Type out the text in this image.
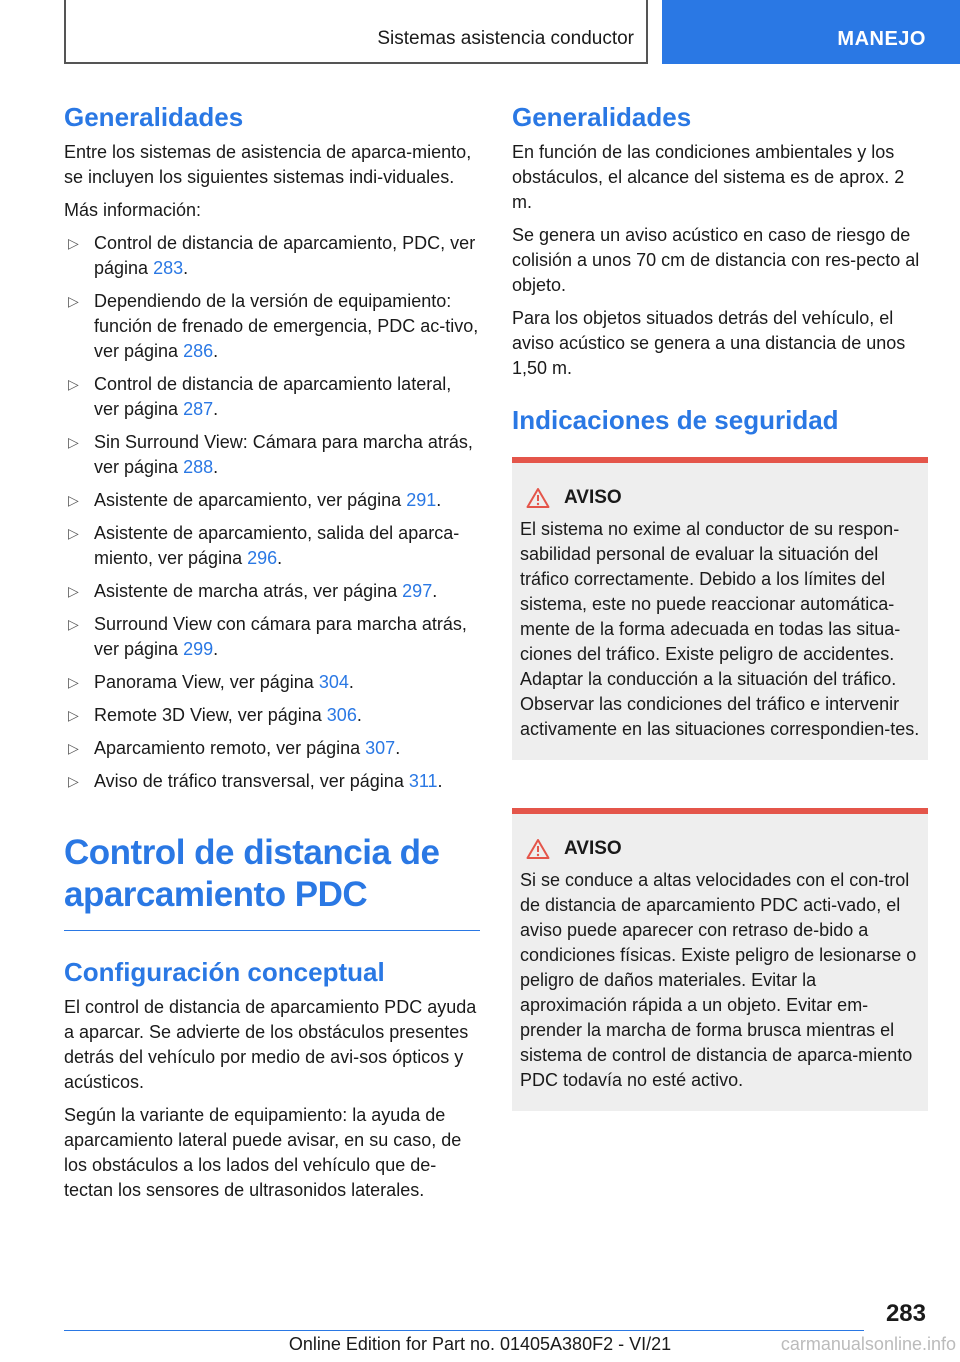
Sistemas asistencia conductor	MANEJO
Generalidades

Entre los sistemas de asistencia de aparca-miento, se incluyen los siguientes sistemas indi-viduales.

Más información:

▷ Control de distancia de aparcamiento, PDC, ver página 283.
▷ Dependiendo de la versión de equipamiento: función de frenado de emergencia, PDC ac-tivo, ver página 286.
▷ Control de distancia de aparcamiento lateral, ver página 287.
▷ Sin Surround View: Cámara para marcha atrás, ver página 288.
▷ Asistente de aparcamiento, ver página 291.
▷ Asistente de aparcamiento, salida del aparca-miento, ver página 296.
▷ Asistente de marcha atrás, ver página 297.
▷ Surround View con cámara para marcha atrás, ver página 299.
▷ Panorama View, ver página 304.
▷ Remote 3D View, ver página 306.
▷ Aparcamiento remoto, ver página 307.
▷ Aviso de tráfico transversal, ver página 311.
Control de distancia de aparcamiento PDC
Configuración conceptual

El control de distancia de aparcamiento PDC ayuda a aparcar. Se advierte de los obstáculos presentes detrás del vehículo por medio de avi-sos ópticos y acústicos.

Según la variante de equipamiento: la ayuda de aparcamiento lateral puede avisar, en su caso, de los obstáculos a los lados del vehículo que de-tectan los sensores de ultrasonidos laterales.

Generalidades

En función de las condiciones ambientales y los obstáculos, el alcance del sistema es de aprox. 2 m.

Se genera un aviso acústico en caso de riesgo de colisión a unos 70 cm de distancia con res-pecto al objeto.

Para los objetos situados detrás del vehículo, el aviso acústico se genera a una distancia de unos 1,50 m.

Indicaciones de seguridad
AVISO

El sistema no exime al conductor de su respon-sabilidad personal de evaluar la situación del tráfico correctamente. Debido a los límites del sistema, este no puede reaccionar automática-mente de la forma adecuada en todas las situa-ciones del tráfico. Existe peligro de accidentes. Adaptar la conducción a la situación del tráfico. Observar las condiciones del tráfico e intervenir activamente en las situaciones correspondien-tes.

AVISO

Si se conduce a altas velocidades con el con-trol de distancia de aparcamiento PDC acti-vado, el aviso puede aparecer con retraso de-bido a condiciones físicas. Existe peligro de lesionarse o peligro de daños materiales. Evitar la aproximación rápida a un objeto. Evitar em-prender la marcha de forma brusca mientras el sistema de control de distancia de aparca-miento PDC todavía no esté activo.

283
Online Edition for Part no. 01405A380F2 - VI/21	carmanualsonline.info
